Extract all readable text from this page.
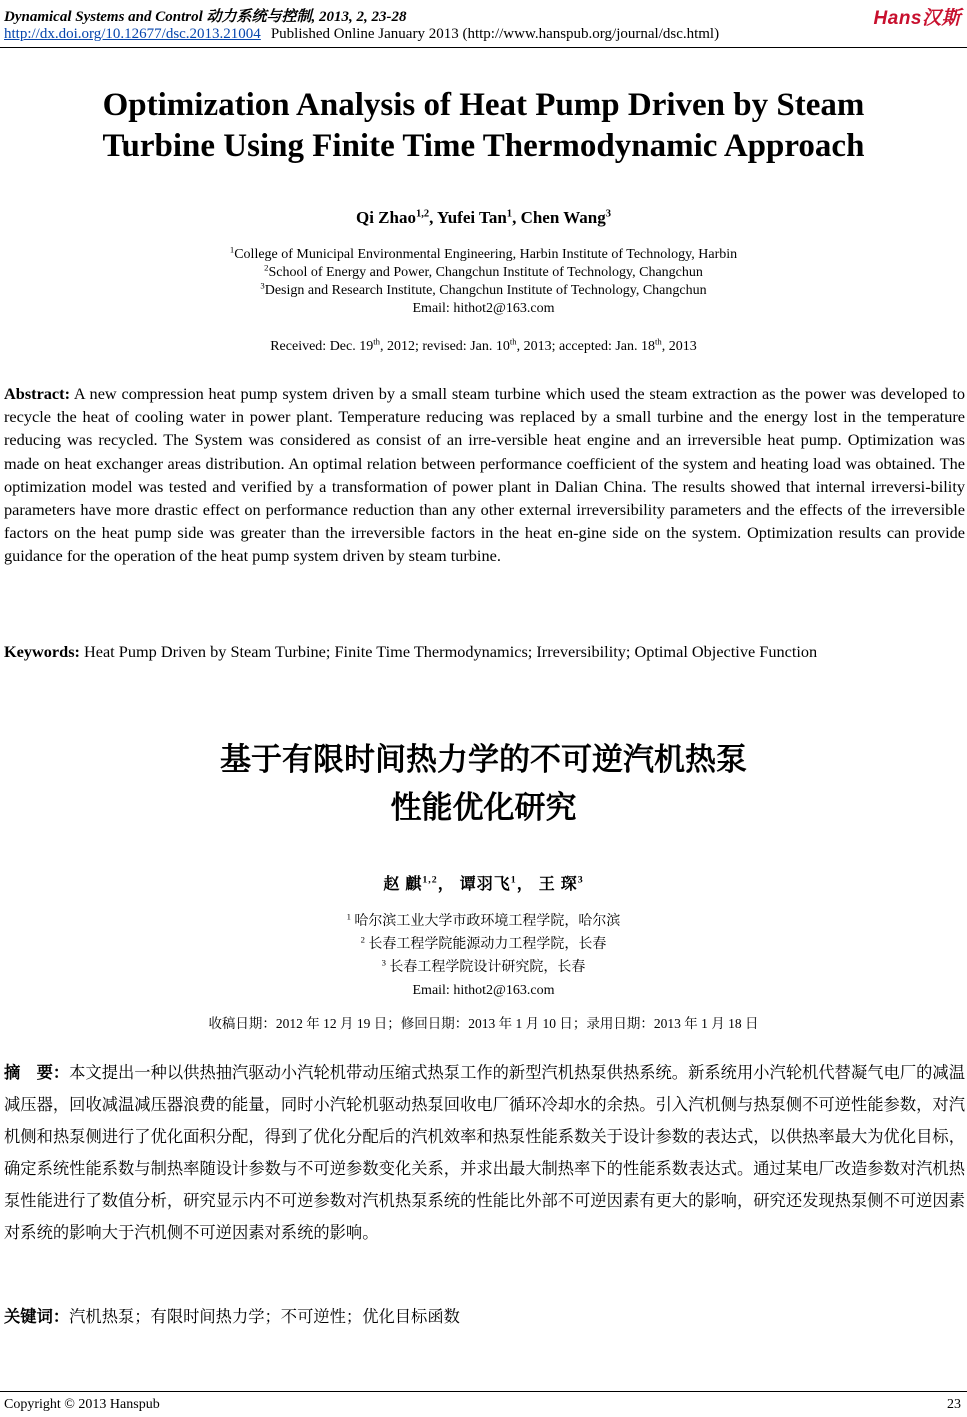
Dynamical Systems and Control 动力系统与控制, 2013, 2, 23-28	Hans汉斯
http://dx.doi.org/10.12677/dsc.2013.21004 Published Online January 2013 (http://www.hanspub.org/journal/dsc.html)
Optimization Analysis of Heat Pump Driven by Steam
Turbine Using Finite Time Thermodynamic Approach
Qi Zhao$^{1,2}$, Yufei Tan$^1$, Chen Wang$^3$
$^1$College of Municipal Environmental Engineering, Harbin Institute of Technology, Harbin
$^2$School of Energy and Power, Changchun Institute of Technology, Changchun
$^3$Design and Research Institute, Changchun Institute of Technology, Changchun
Email: hithot2@163.com
Received: Dec. 19th, 2012; revised: Jan. 10th, 2013; accepted: Jan. 18th, 2013

Abstract: A new compression heat pump system driven by a small steam turbine which used the steam extraction as the power was developed to recycle the heat of cooling water in power plant. Temperature reducing was replaced by a small turbine and the energy lost in the temperature reducing was recycled. The System was considered as consist of an irre-versible heat engine and an irreversible heat pump. Optimization was made on heat exchanger areas distribution. An optimal relation between performance coefficient of the system and heating load was obtained. The optimization model was tested and verified by a transformation of power plant in Dalian China. The results showed that internal irreversi-bility parameters have more drastic effect on performance reduction than any other external irreversibility parameters and the effects of the irreversible factors on the heat pump side was greater than the irreversible factors in the heat en-gine side on the system. Optimization results can provide guidance for the operation of the heat pump system driven by steam turbine.

Keywords: Heat Pump Driven by Steam Turbine; Finite Time Thermodynamics; Irreversibility; Optimal Objective Function
基于有限时间热力学的不可逆汽机热泵
性能优化研究
赵 麒$^{1,2}$， 谭羽飞$^1$， 王 琛$^3$
$^1$ 哈尔滨工业大学市政环境工程学院，哈尔滨
$^2$ 长春工程学院能源动力工程学院，长春
$^3$ 长春工程学院设计研究院，长春
Email: hithot2@163.com
收稿日期：2012 年 12 月 19 日；修回日期：2013 年 1 月 10 日；录用日期：2013 年 1 月 18 日

摘　要：本文提出一种以供热抽汽驱动小汽轮机带动压缩式热泵工作的新型汽机热泵供热系统。新系统用小汽轮机代替凝气电厂的减温减压器，回收减温减压器浪费的能量，同时小汽轮机驱动热泵回收电厂循环冷却水的余热。引入汽机侧与热泵侧不可逆性能参数，对汽机侧和热泵侧进行了优化面积分配，得到了优化分配后的汽机效率和热泵性能系数关于设计参数的表达式，以供热率最大为优化目标，确定系统性能系数与制热率随设计参数与不可逆参数变化关系，并求出最大制热率下的性能系数表达式。通过某电厂改造参数对汽机热泵性能进行了数值分析，研究显示内不可逆参数对汽机热泵系统的性能比外部不可逆因素有更大的影响，研究还发现热泵侧不可逆因素对系统的影响大于汽机侧不可逆因素对系统的影响。

关键词：汽机热泵；有限时间热力学；不可逆性；优化目标函数
Copyright © 2013 Hanspub	23
